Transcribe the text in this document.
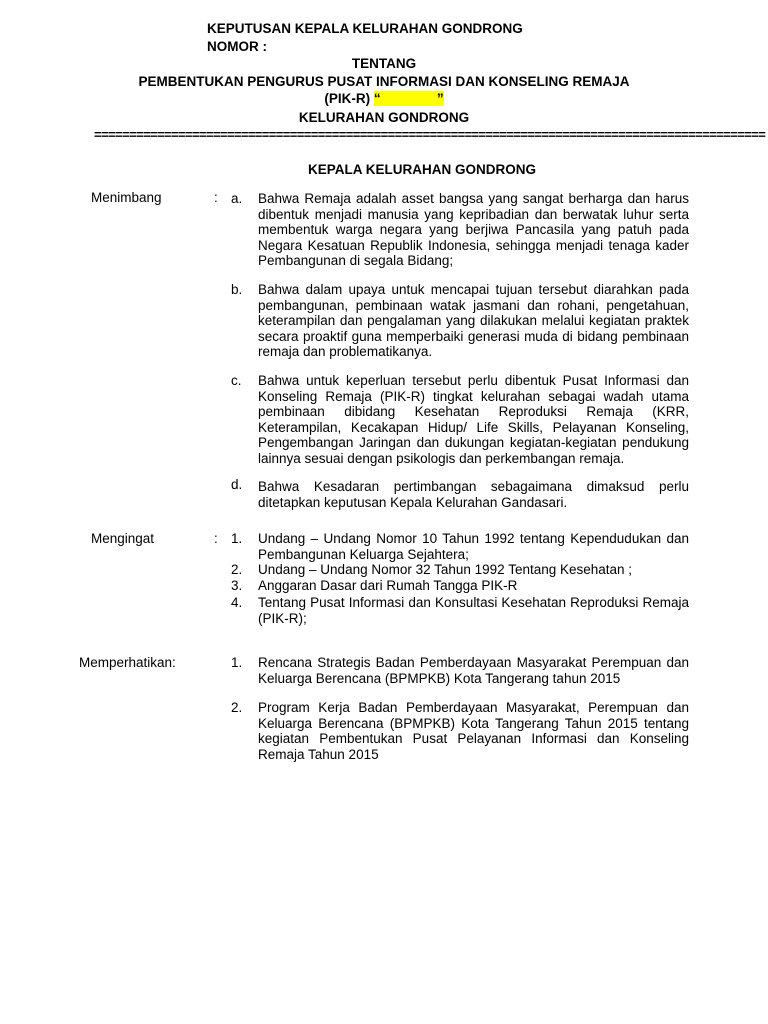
KEPUTUSAN KEPALA KELURAHAN GONDRONG
NOMOR :
TENTANG
PEMBENTUKAN PENGURUS PUSAT INFORMASI DAN KONSELING REMAJA
(PIK-R) “               ”
KELURAHAN GONDRONG
================================================================================================
KEPALA KELURAHAN GONDRONG
Menimbang	: a. Bahwa Remaja adalah asset bangsa yang sangat berharga dan harus dibentuk menjadi manusia yang kepribadian dan berwatak luhur serta membentuk warga negara yang berjiwa Pancasila yang patuh pada Negara Kesatuan Republik Indonesia, sehingga menjadi tenaga kader Pembangunan di segala Bidang;
b. Bahwa dalam upaya untuk mencapai tujuan tersebut diarahkan pada pembangunan, pembinaan watak jasmani dan rohani, pengetahuan, keterampilan dan pengalaman yang dilakukan melalui kegiatan praktek secara proaktif guna memperbaiki generasi muda di bidang pembinaan remaja dan problematikanya.
c. Bahwa untuk keperluan tersebut perlu dibentuk Pusat Informasi dan Konseling Remaja (PIK-R) tingkat kelurahan sebagai wadah utama pembinaan dibidang Kesehatan Reproduksi Remaja (KRR, Keterampilan, Kecakapan Hidup/ Life Skills, Pelayanan Konseling, Pengembangan Jaringan dan dukungan kegiatan-kegiatan pendukung lainnya sesuai dengan psikologis dan perkembangan remaja.
d. Bahwa Kesadaran pertimbangan sebagaimana dimaksud perlu ditetapkan keputusan Kepala Kelurahan Gandasari.
Mengingat	: 1. Undang – Undang Nomor 10 Tahun 1992 tentang Kependudukan dan Pembangunan Keluarga Sejahtera;
2. Undang – Undang Nomor 32 Tahun 1992 Tentang Kesehatan ;
3. Anggaran Dasar dari Rumah Tangga PIK-R
4. Tentang Pusat Informasi dan Konsultasi Kesehatan Reproduksi Remaja (PIK-R);
Memperhatikan:	1. Rencana Strategis Badan Pemberdayaan Masyarakat Perempuan dan Keluarga Berencana (BPMPKB) Kota Tangerang tahun 2015
2. Program Kerja Badan Pemberdayaan Masyarakat, Perempuan dan Keluarga Berencana (BPMPKB) Kota Tangerang Tahun 2015 tentang kegiatan Pembentukan Pusat Pelayanan Informasi dan Konseling Remaja Tahun 2015
